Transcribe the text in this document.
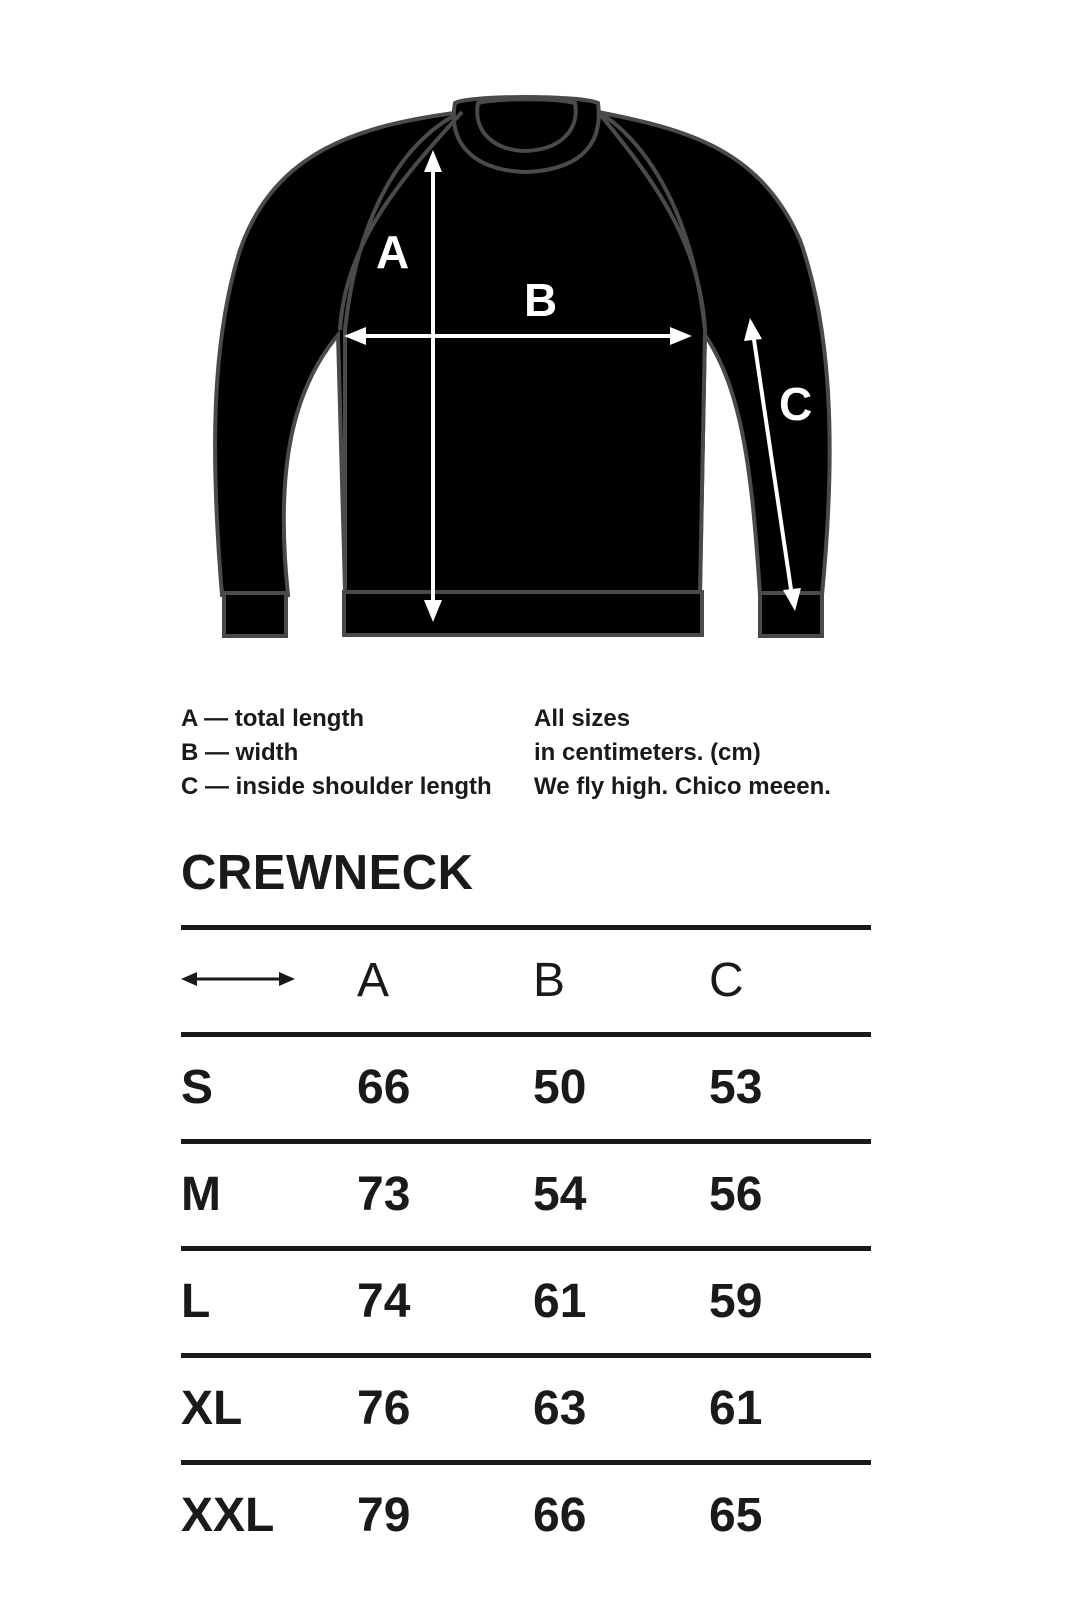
A
B
C
A — total length
B — width
C — inside shoulder length
All sizes
in centimeters. (cm)
We fly high. Chico meeen.
CREWNECK
A	B	C
S	66	50	53
M	73	54	56
L	74	61	59
XL 76	63	61
XXL 79	66	65
